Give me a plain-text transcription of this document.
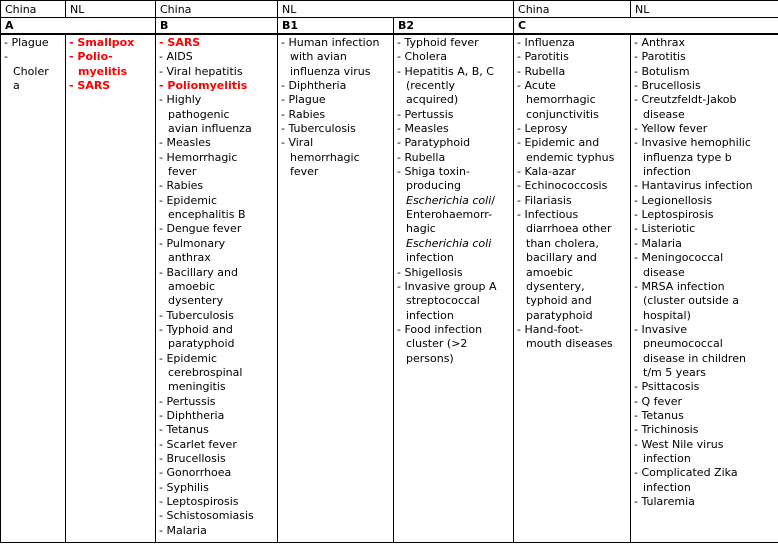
China	NL	China	NL		China	NL
A		B	B1	B2	C	

- Plague
- Cholera

- Smallpox
- Polio-myelitis
- SARS

- SARS
- AIDS
- Viral hepatitis
- Poliomyelitis
- Highly pathogenic avian influenza
- Measles
- Hemorrhagic fever
- Rabies
- Epidemic encephalitis B
- Dengue fever
- Pulmonary anthrax
- Bacillary and amoebic dysentery
- Tuberculosis
- Typhoid and paratyphoid
- Epidemic cerebrospinal meningitis
- Pertussis
- Diphtheria
- Tetanus
- Scarlet fever
- Brucellosis
- Gonorrhoea
- Syphilis
- Leptospirosis
- Schistosomiasis
- Malaria

- Human infection with avian influenza virus
- Diphtheria
- Plague
- Rabies
- Tuberculosis
- Viral hemorrhagic fever

- Typhoid fever
- Cholera
- Hepatitis A, B, C (recently acquired)
- Pertussis
- Measles
- Paratyphoid
- Rubella
- Shiga toxin-producing Escherichia coli/ Enterohaemorr-hagic Escherichia coli infection
- Shigellosis
- Invasive group A streptococcal infection
- Food infection cluster (>2 persons)

- Influenza
- Parotitis
- Rubella
- Acute hemorrhagic conjunctivitis
- Leprosy
- Epidemic and endemic typhus
- Kala-azar
- Echinococcosis
- Filariasis
- Infectious diarrhoea other than cholera, bacillary and amoebic dysentery, typhoid and paratyphoid
- Hand-foot-mouth diseases

- Anthrax
- Parotitis
- Botulism
- Brucellosis
- Creutzfeldt-Jakob disease
- Yellow fever
- Invasive hemophilic influenza type b infection
- Hantavirus infection
- Legionellosis
- Leptospirosis
- Listeriotic
- Malaria
- Meningococcal disease
- MRSA infection (cluster outside a hospital)
- Invasive pneumococcal disease in children t/m 5 years
- Psittacosis
- Q fever
- Tetanus
- Trichinosis
- West Nile virus infection
- Complicated Zika infection
- Tularemia
